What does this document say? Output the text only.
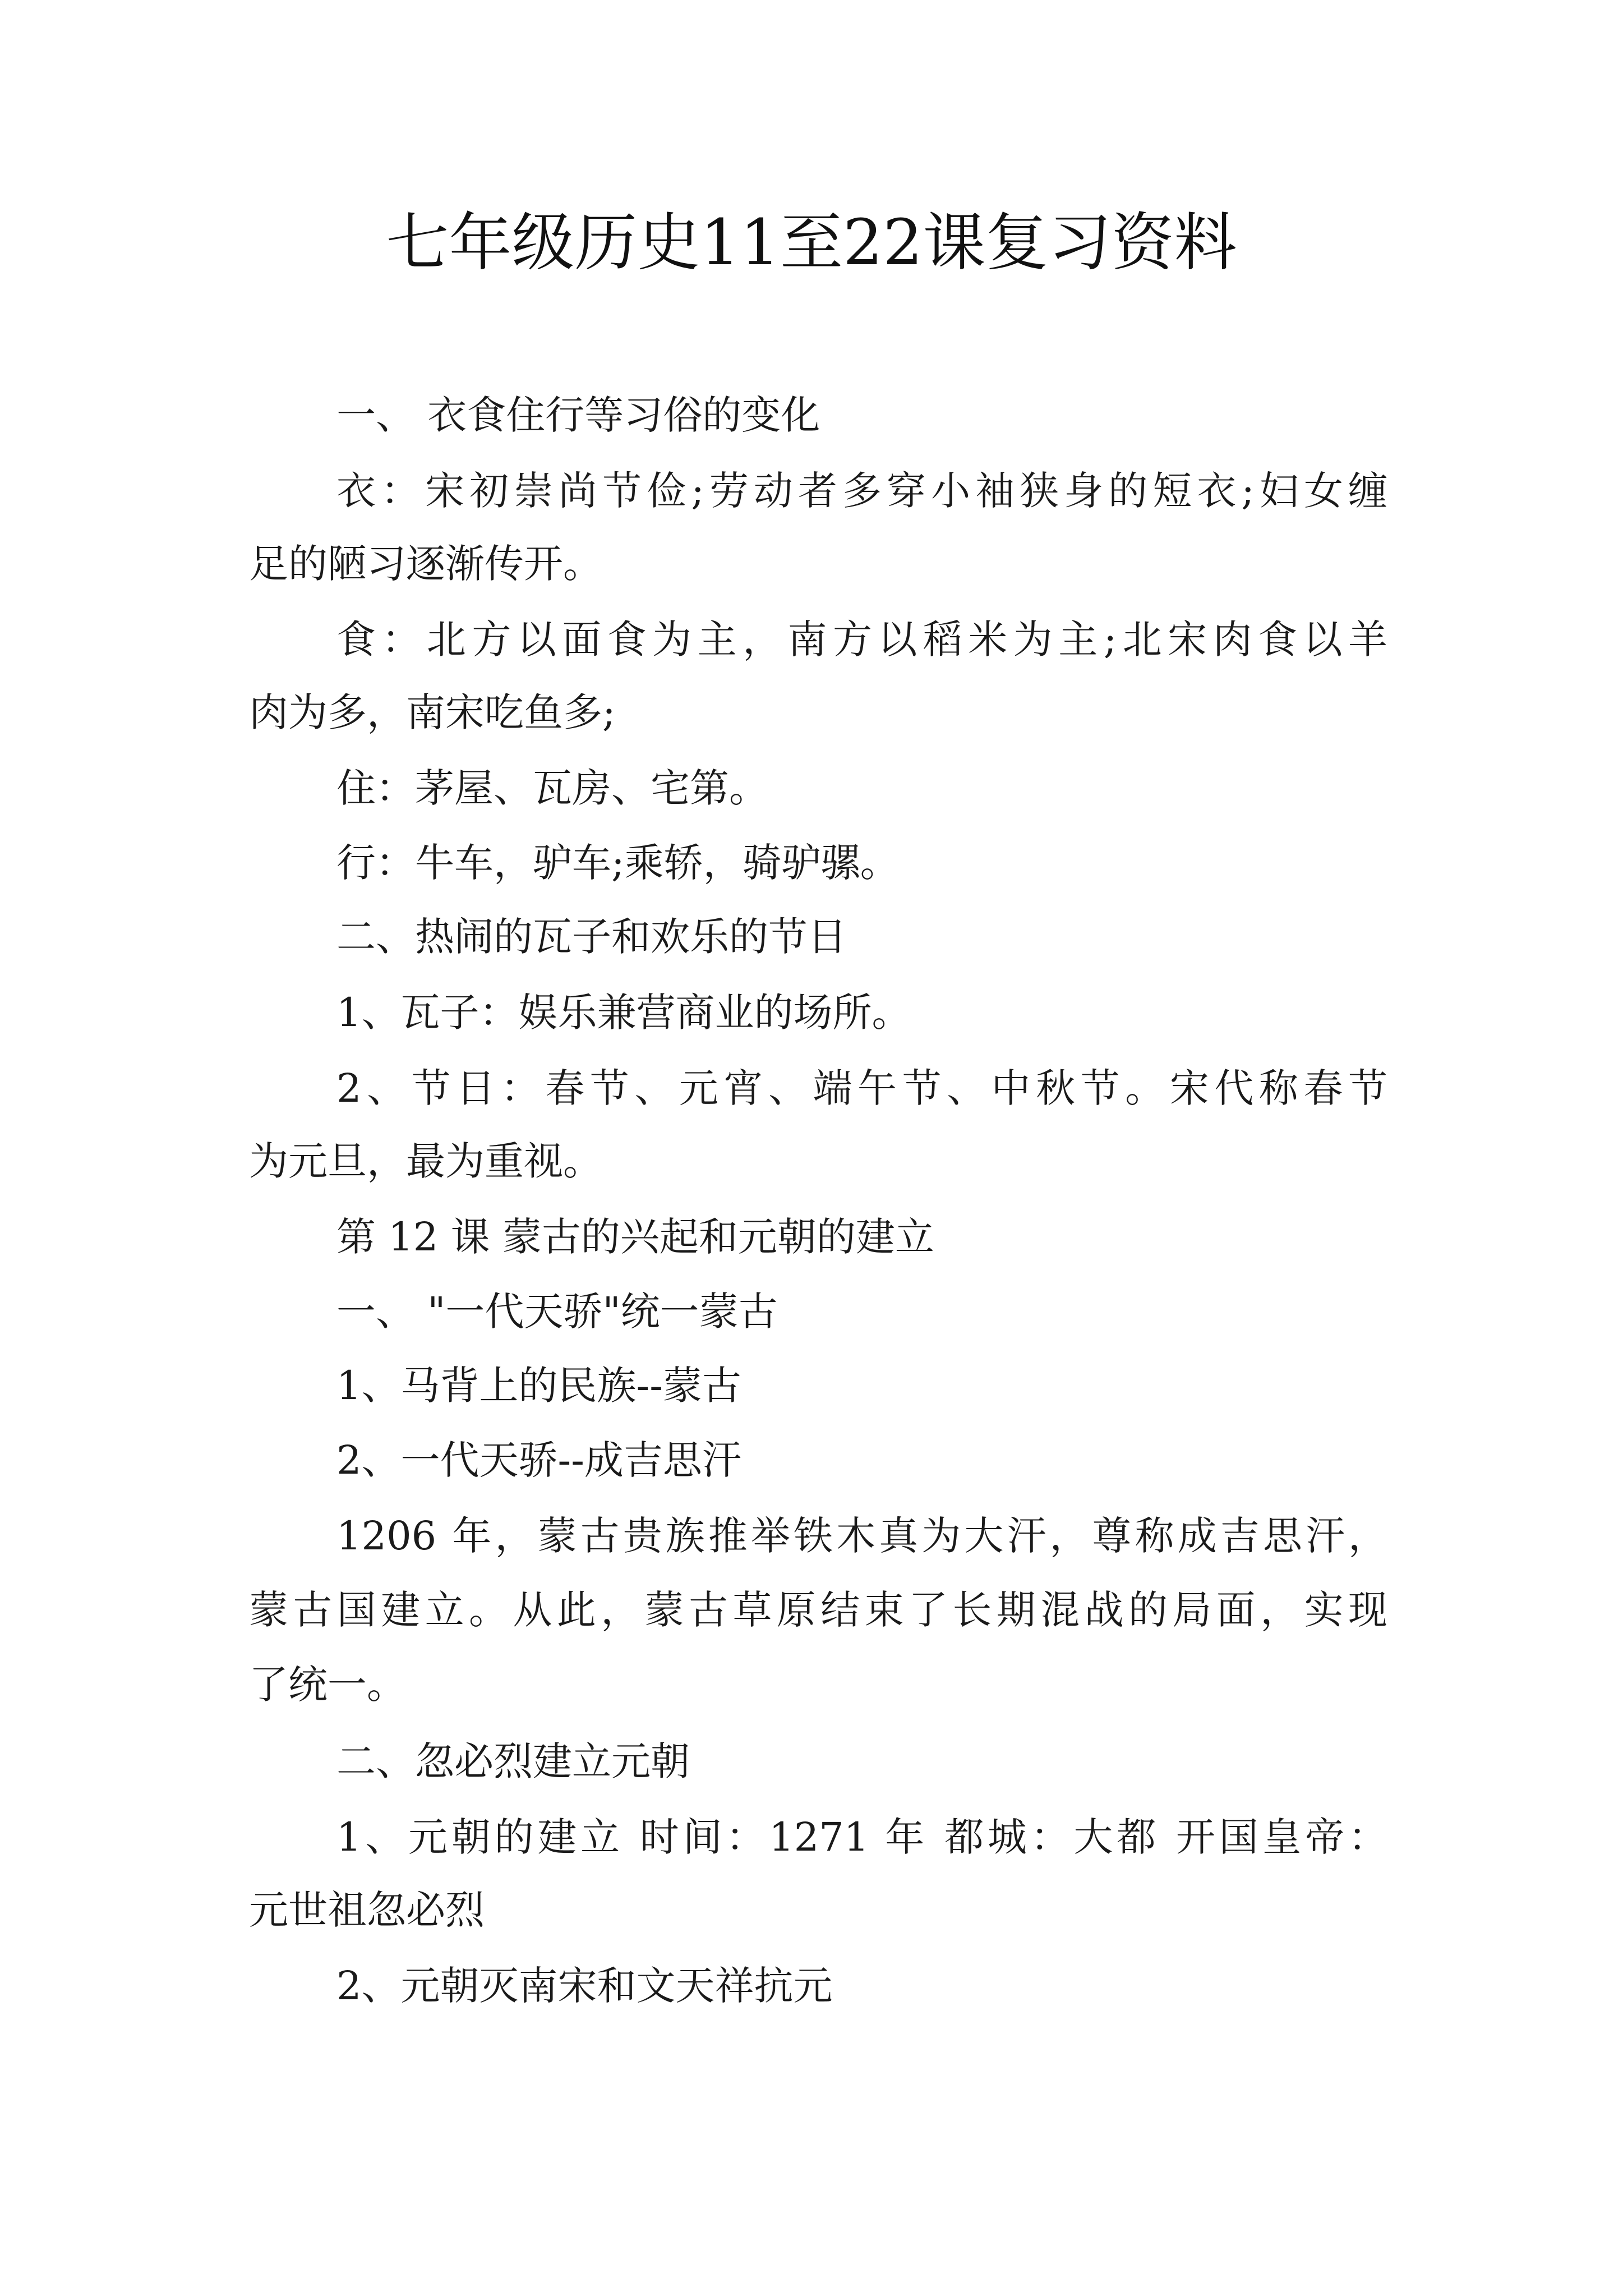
七年级历史11至22课复习资料
一、 衣食住行等习俗的变化
衣：宋初崇尚节俭;劳动者多穿小袖狭身的短衣;妇女缠
足的陋习逐渐传开。
食：北方以面食为主，南方以稻米为主;北宋肉食以羊
肉为多，南宋吃鱼多;
住：茅屋、瓦房、宅第。
行：牛车，驴车;乘轿，骑驴骡。
二、热闹的瓦子和欢乐的节日
1、瓦子：娱乐兼营商业的场所。
2、节日：春节、元宵、端午节、中秋节。宋代称春节
为元旦，最为重视。
第 12 课 蒙古的兴起和元朝的建立
一、 "一代天骄"统一蒙古
1、马背上的民族--蒙古
2、一代天骄--成吉思汗
1206 年，蒙古贵族推举铁木真为大汗，尊称成吉思汗，
蒙古国建立。从此，蒙古草原结束了长期混战的局面，实现
了统一。
二、忽必烈建立元朝
1、元朝的建立 时间：1271 年 都城：大都 开国皇帝：
元世祖忽必烈
2、元朝灭南宋和文天祥抗元
